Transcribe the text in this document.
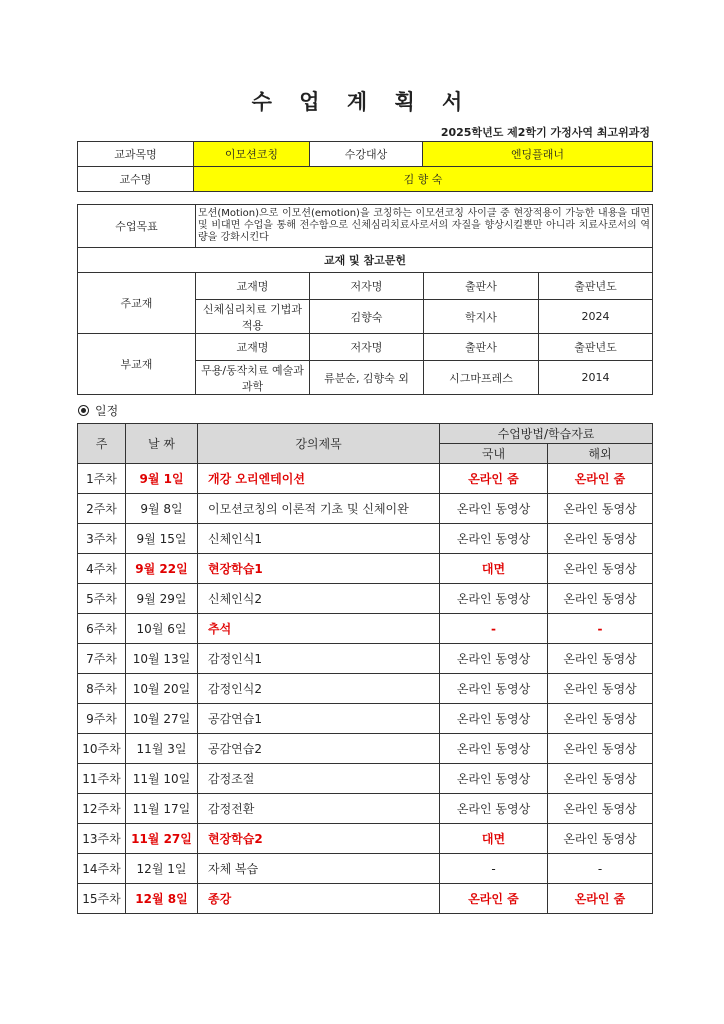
수 업 계 획 서
2025학년도 제2학기 가정사역 최고위과정
교과목명	이모션코칭	수강대상	엔딩플래너
교수명	김 향 숙		
수업목표	모션(Motion)으로 이모션(emotion)을 코칭하는 이모션코칭 사이클 중 현장적용이 가능한 내용을 대면 및 비대면 수업을 통해 전수함으로 신체심리치료사로서의 자질을 향상시킬뿐만 아니라 치료사로서의 역량을 강화시킨다			
교재 및 참고문헌				
주교재	교재명	저자명	출판사	출판년도
	신체심리치료 기법과 적용	김향숙	학지사	2024
부교재	교재명	저자명	출판사	출판년도
	무용/동작치료 예술과 과학	류분순, 김향숙 외	시그마프레스	2014
일정
주	날 짜	강의제목	수업방법/학습자료	
			국내	해외
1주차	9월 1일	개강 오리엔테이션	온라인 줌	온라인 줌
2주차	9월 8일	이모션코칭의 이론적 기초 및 신체이완	온라인 동영상	온라인 동영상
3주차	9월 15일	신체인식1	온라인 동영상	온라인 동영상
4주차	9월 22일	현장학습1	대면	온라인 동영상
5주차	9월 29일	신체인식2	온라인 동영상	온라인 동영상
6주차	10월 6일	추석	-	-
7주차	10월 13일	감정인식1	온라인 동영상	온라인 동영상
8주차	10월 20일	감정인식2	온라인 동영상	온라인 동영상
9주차	10월 27일	공감연습1	온라인 동영상	온라인 동영상
10주차	11월 3일	공감연습2	온라인 동영상	온라인 동영상
11주차	11월 10일	감정조절	온라인 동영상	온라인 동영상
12주차	11월 17일	감정전환	온라인 동영상	온라인 동영상
13주차	11월 27일	현장학습2	대면	온라인 동영상
14주차	12월 1일	자체 복습	-	-
15주차	12월 8일	종강	온라인 줌	온라인 줌
